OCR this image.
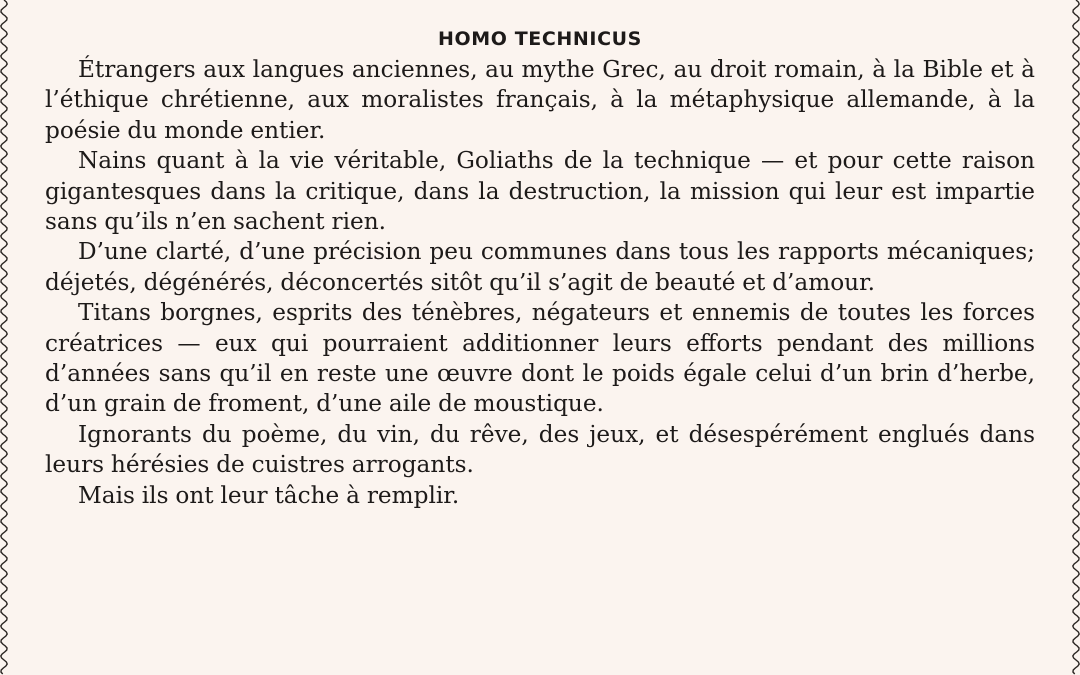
HOMO TECHNICUS

Étrangers aux langues anciennes, au mythe Grec, au droit romain, à la Bible et à l’éthique chrétienne, aux moralistes français, à la métaphysique allemande, à la poésie du monde entier.

Nains quant à la vie véritable, Goliaths de la technique — et pour cette raison gigantesques dans la critique, dans la destruction, la mission qui leur est impartie sans qu’ils n’en sachent rien.

D’une clarté, d’une précision peu communes dans tous les rapports mécaniques; déjetés, dégénérés, déconcertés sitôt qu’il s’agit de beauté et d’amour.

Titans borgnes, esprits des ténèbres, négateurs et ennemis de toutes les forces créatrices — eux qui pourraient additionner leurs efforts pendant des millions d’années sans qu’il en reste une œuvre dont le poids égale celui d’un brin d’herbe, d’un grain de froment, d’une aile de moustique.

Ignorants du poème, du vin, du rêve, des jeux, et désespérément englués dans leurs hérésies de cuistres arrogants.

Mais ils ont leur tâche à remplir.
